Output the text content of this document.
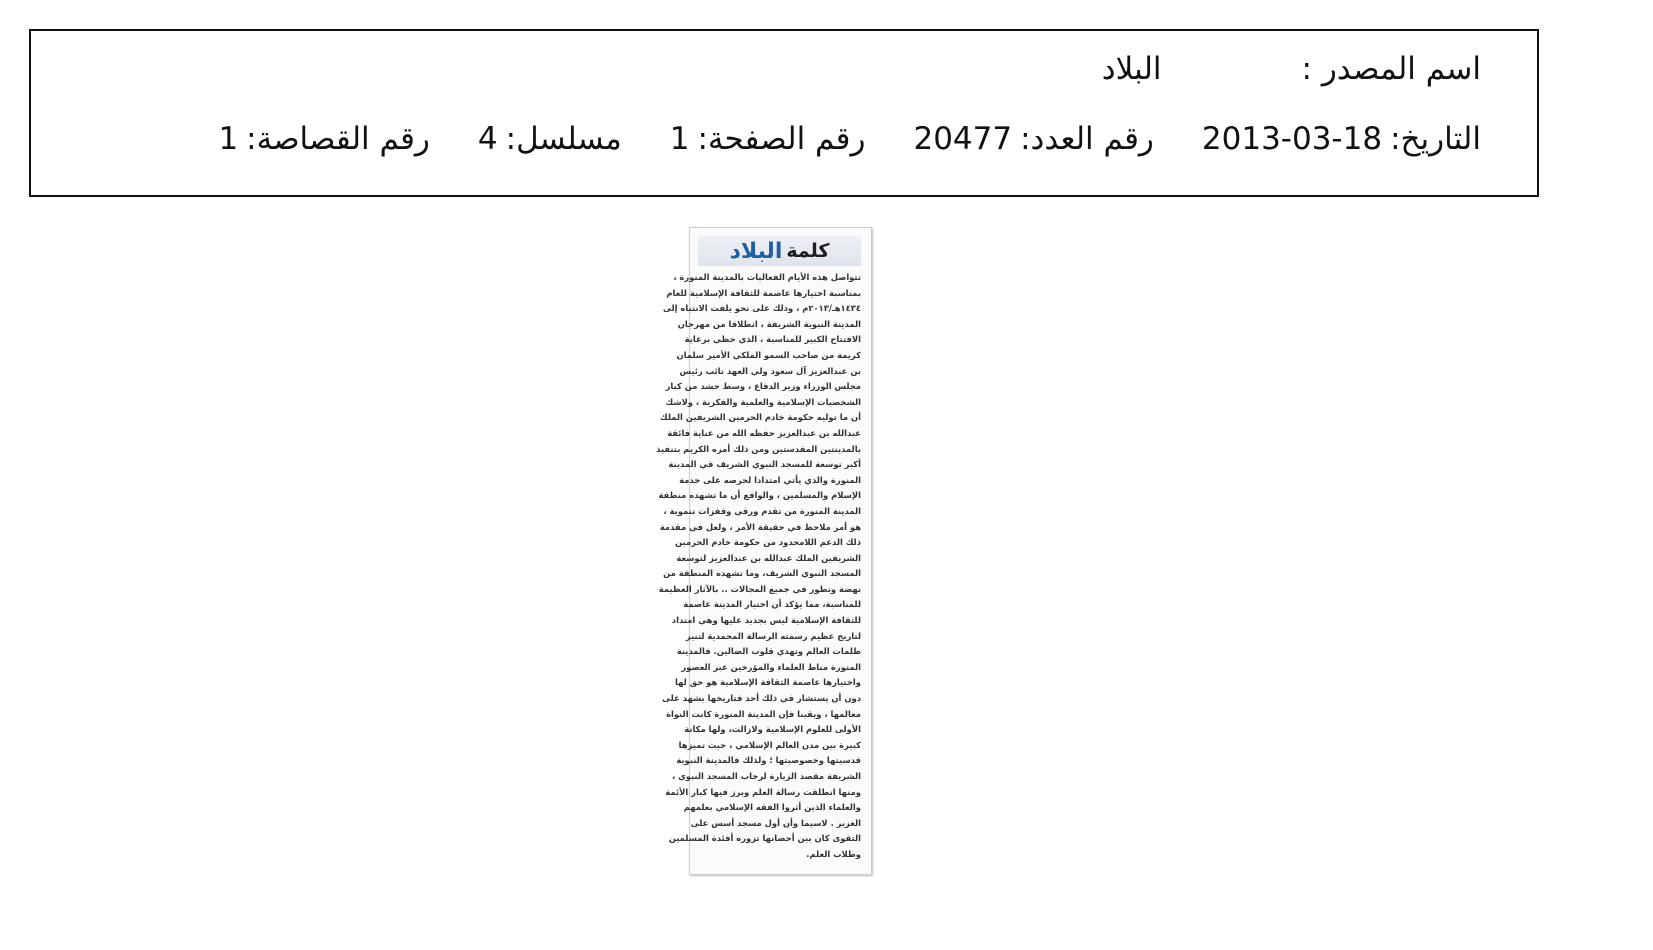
اسم المصدر :
البلاد
التاريخ:
2013-03-18
رقم العدد:
20477
رقم الصفحة:
1
مسلسل:
4
رقم القصاصة:
1
كلمة
البلاد
تتواصل هذه الأيام الفعاليات بالمدينة المنورة ،
بمناسبة اختيارها عاصمة للثقافة الإسلامية للعام
١٤٣٤هـ/٢٠١٣م ، وذلك على نحو يلفت الانتباه إلى
المدينة النبوية الشريفة ، انطلاقا من مهرجان
الافتتاح الكبير للمناسبة ، الذي حظي برعاية
كريمة من صاحب السمو الملكي الأمير سلمان
بن عبدالعزيز آل سعود ولي العهد نائب رئيس
مجلس الوزراء وزير الدفاع ، وسط حشد من كبار
الشخصيات الإسلامية والعلمية والفكرية ، ولاشك
أن ما توليه حكومة خادم الحرمين الشريفين الملك
عبدالله بن عبدالعزيز حفظه الله من عناية فائقة
بالمدينتين المقدستين ومن ذلك أمره الكريم بتنفيذ
أكبر توسعة للمسجد النبوي الشريف في المدينة
المنورة والذي يأتي امتدادا لحرصه على خدمة
الإسلام والمسلمين ، والواقع أن ما تشهده منطقة
المدينة المنورة من تقدم ورقي وقفزات تنموية ،
هو أمر ملاحظ في حقيقة الأمر ، ولعل في مقدمة
ذلك الدعم اللامحدود من حكومة خادم الحرمين
الشريفين الملك عبدالله بن عبدالعزيز لتوسعة
المسجد النبوي الشريف، وما تشهده المنطقة من
نهضة وتطور في جميع المجالات .. بالآثار العظيمة
للمناسبة، مما يؤكد أن اختيار المدينة عاصمة
للثقافة الإسلامية ليس بجديد عليها وهي امتداد
لتاريخ عظيم رسمته الرسالة المحمدية لتنير
ظلمات العالم وتهدي قلوب الضالين. فالمدينة
المنورة مناط العلماء والمؤرخين عبر العصور
واختيارها عاصمة الثقافة الإسلامية هو حق لها
دون أن يستشار في ذلك أحد فتاريخها يشهد على
معالمها ، ويقينا فإن المدينة المنورة كانت النواة
الأولى للعلوم الإسلامية ولازالت، ولها مكانة
كبيرة بين مدن العالم الإسلامي ، حيث تميزها
قدسيتها وخصوصيتها ؛ ولذلك فالمدينة النبوية
الشريفة مقصد الزيارة لرحاب المسجد النبوي ،
ومنها انطلقت رسالة العلم وبرز فيها كبار الأئمة
والعلماء الذين أثروا الفقه الإسلامي بعلمهم
الغزير . لاسيما وأن أول مسجد أسس على
التقوى كان بين أحضانها تزوره أفئدة المسلمين
وطلاب العلم.
